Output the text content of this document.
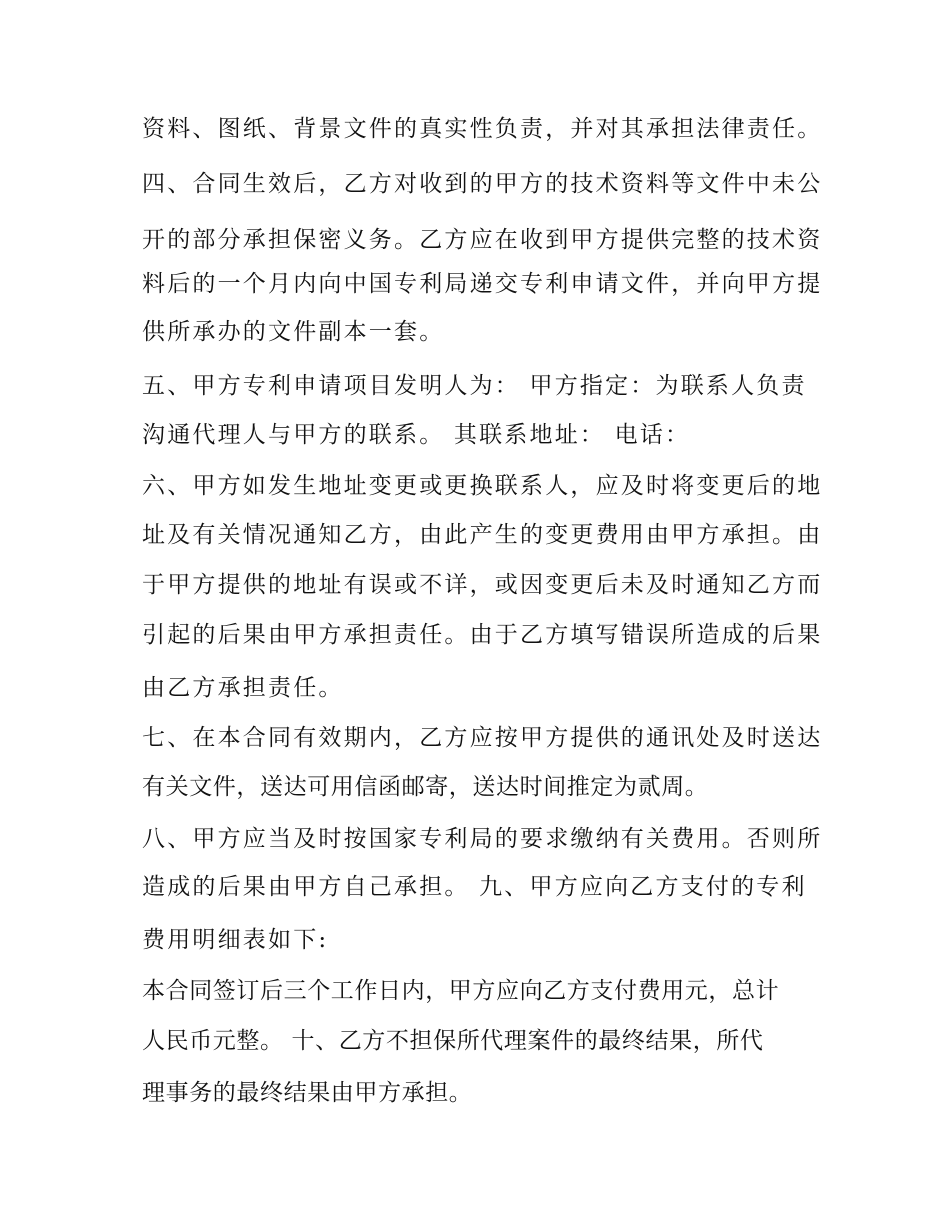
资料、图纸、背景文件的真实性负责，并对其承担法律责任。
四、合同生效后，乙方对收到的甲方的技术资料等文件中未公
开的部分承担保密义务。乙方应在收到甲方提供完整的技术资
料后的一个月内向中国专利局递交专利申请文件，并向甲方提
供所承办的文件副本一套。
五、甲方专利申请项目发明人为： 甲方指定：为联系人负责
沟通代理人与甲方的联系。 其联系地址： 电话：
六、甲方如发生地址变更或更换联系人，应及时将变更后的地
址及有关情况通知乙方，由此产生的变更费用由甲方承担。由
于甲方提供的地址有误或不详，或因变更后未及时通知乙方而
引起的后果由甲方承担责任。由于乙方填写错误所造成的后果
由乙方承担责任。
七、在本合同有效期内，乙方应按甲方提供的通讯处及时送达
有关文件，送达可用信函邮寄，送达时间推定为贰周。
八、甲方应当及时按国家专利局的要求缴纳有关费用。否则所
造成的后果由甲方自己承担。 九、甲方应向乙方支付的专利
费用明细表如下:
本合同签订后三个工作日内，甲方应向乙方支付费用元，总计
人民币元整。 十、乙方不担保所代理案件的最终结果，所代
理事务的最终结果由甲方承担。
